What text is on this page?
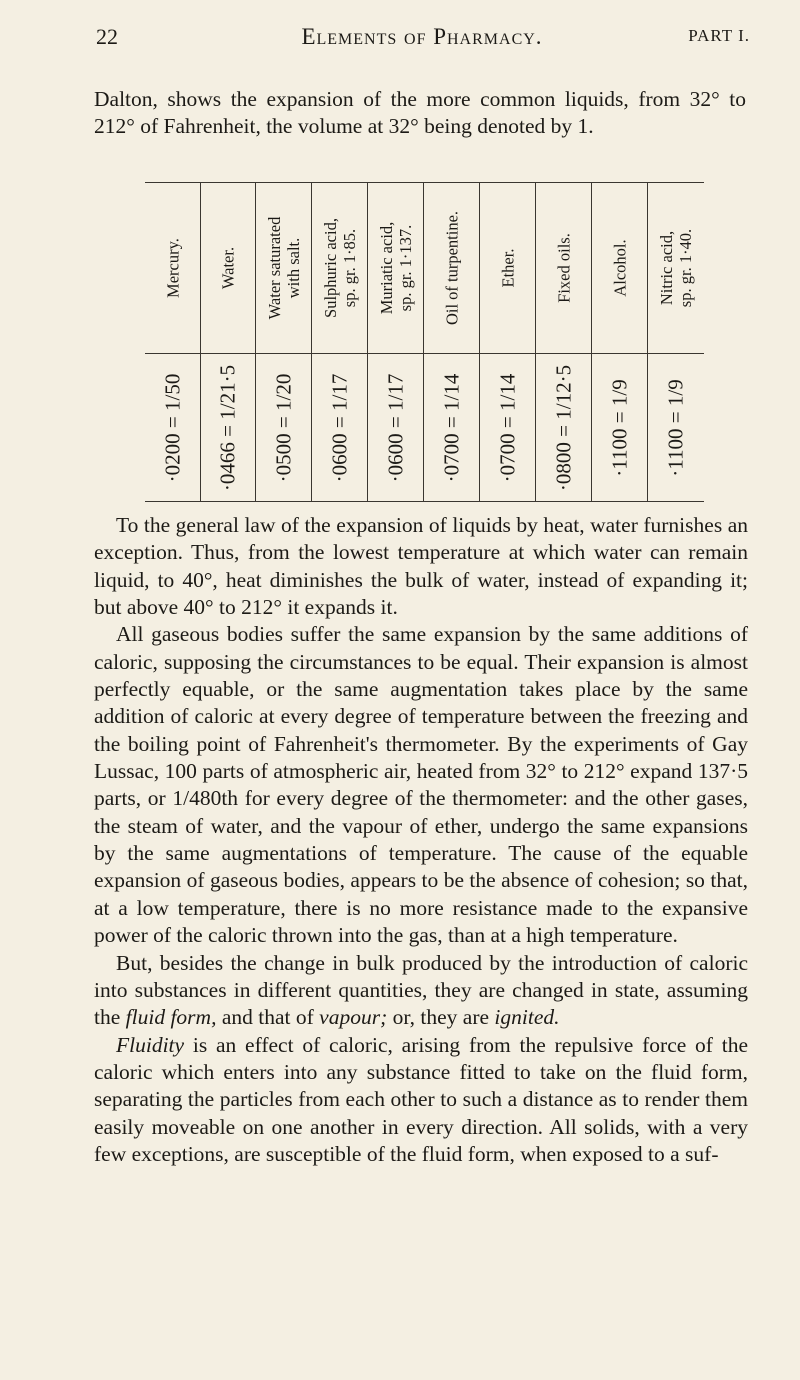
22	Elements of Pharmacy.	PART I.
Dalton, shows the expansion of the more common liquids, from 32° to 212° of Fahrenheit, the volume at 32° being denoted by 1.
Mercury. Water. Water saturated with salt. Sulphuric acid, sp. gr. 1·85. Muriatic acid, sp. gr. 1·137. Oil of turpentine. Ether. Fixed oils. Alcohol. Nitric acid, sp. gr. 1·40.
·0200 = 1/50 ·0466 = 1/21·5 ·0500 = 1/20 ·0600 = 1/17 ·0600 = 1/17 ·0700 = 1/14 ·0700 = 1/14 ·0800 = 1/12·5 ·1100 = 1/9 ·1100 = 1/9

To the general law of the expansion of liquids by heat, water furnishes an exception. Thus, from the lowest temperature at which water can remain liquid, to 40°, heat diminishes the bulk of water, instead of expanding it; but above 40° to 212° it expands it.

All gaseous bodies suffer the same expansion by the same additions of caloric, supposing the circumstances to be equal. Their expansion is almost perfectly equable, or the same augmentation takes place by the same addition of caloric at every degree of temperature between the freezing and the boiling point of Fahrenheit's thermometer. By the experiments of Gay Lussac, 100 parts of atmospheric air, heated from 32° to 212° expand 137·5 parts, or 1/480th for every degree of the thermometer: and the other gases, the steam of water, and the vapour of ether, undergo the same expansions by the same augmentations of temperature. The cause of the equable expansion of gaseous bodies, appears to be the absence of cohesion; so that, at a low temperature, there is no more resistance made to the expansive power of the caloric thrown into the gas, than at a high temperature.

But, besides the change in bulk produced by the introduction of caloric into substances in different quantities, they are changed in state, assuming the fluid form, and that of vapour; or, they are ignited.

Fluidity is an effect of caloric, arising from the repulsive force of the caloric which enters into any substance fitted to take on the fluid form, separating the particles from each other to such a distance as to render them easily moveable on one another in every direction. All solids, with a very few exceptions, are susceptible of the fluid form, when exposed to a suf-
